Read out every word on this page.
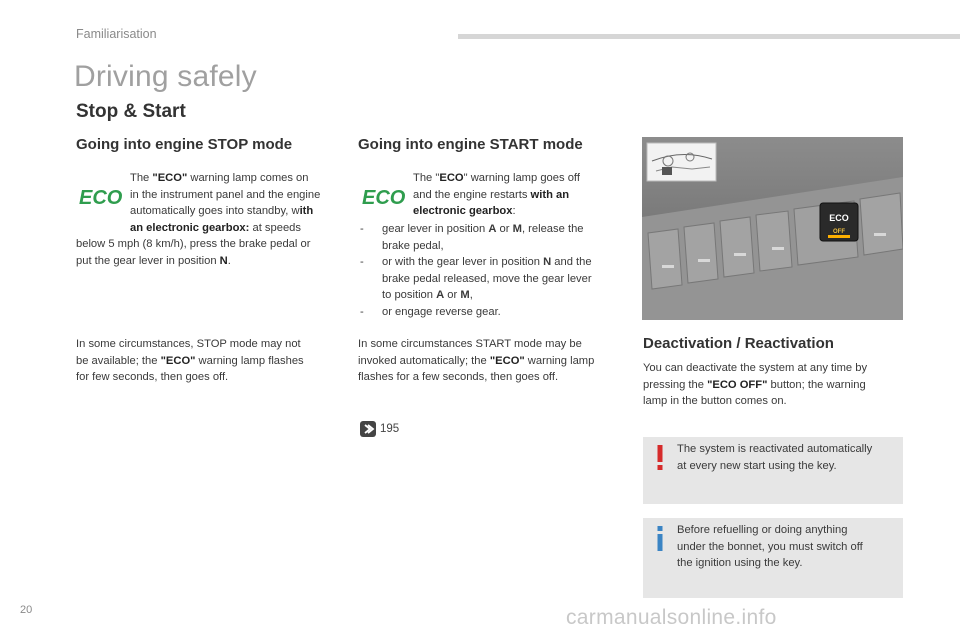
Familiarisation
Driving safely
Stop & Start
Going into engine STOP mode
ECO
The "ECO" warning lamp comes on
in the instrument panel and the engine
automatically goes into standby, with
an electronic gearbox: at speeds
below 5 mph (8 km/h), press the brake pedal or
put the gear lever in position N.
In some circumstances, STOP mode may not
be available; the "ECO" warning lamp flashes
for few seconds, then goes off.
Going into engine START mode
ECO
The "ECO" warning lamp goes off
and the engine restarts with an
electronic gearbox:
-	gear lever in position A or M, release the
brake pedal,
-	or with the gear lever in position N and the
brake pedal released, move the gear lever
to position A or M,
-	or engage reverse gear.
In some circumstances START mode may be
invoked automatically; the "ECO" warning lamp
flashes for a few seconds, then goes off.
195
ECO
OFF
Deactivation / Reactivation
You can deactivate the system at any time by
pressing the "ECO OFF" button; the warning
lamp in the button comes on.
The system is reactivated automatically
at every new start using the key.
Before refuelling or doing anything
under the bonnet, you must switch off
the ignition using the key.
20	carmanualsonline.info
